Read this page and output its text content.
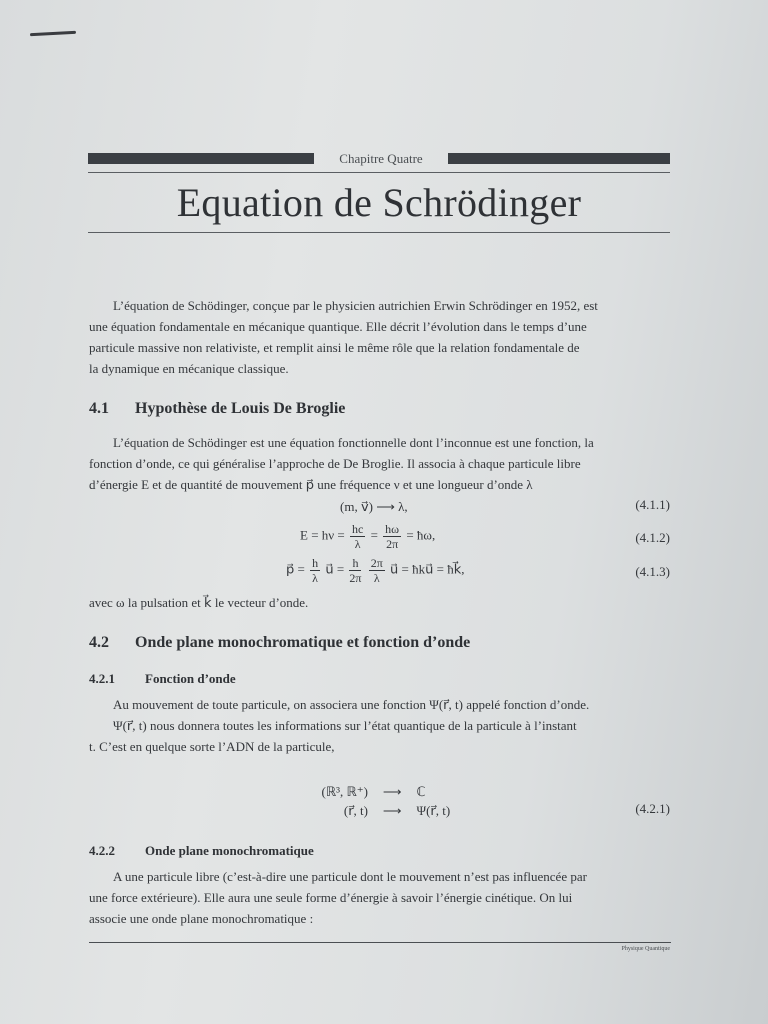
Chapitre Quatre
Equation de Schrödinger
L’équation de Schödinger, conçue par le physicien autrichien Erwin Schrödinger en 1952, est
une équation fondamentale en mécanique quantique. Elle décrit l’évolution dans le temps d’une
particule massive non relativiste, et remplit ainsi le même rôle que la relation fondamentale de
la dynamique en mécanique classique.
4.1 Hypothèse de Louis De Broglie
L’équation de Schödinger est une équation fonctionnelle dont l’inconnue est une fonction, la
fonction d’onde, ce qui généralise l’approche de De Broglie. Il associa à chaque particule libre
d’énergie E et de quantité de mouvement p⃗ une fréquence ν et une longueur d’onde λ
(m, v⃗) ⟶ λ,	(4.1.1)
$E = h\nu = \frac{hc}{\lambda} = \frac{h\omega}{2\pi}$ = ħω,	(4.1.2)
p⃗ = $\frac{h}{\lambda}$ u⃗ = $\frac{h}{2\pi}$
$\frac{2\pi}{\lambda}$ u⃗ = ħku⃗ = ħk⃗,	(4.1.3)
avec ω la pulsation et k⃗ le vecteur d’onde.
4.2 Onde plane monochromatique et fonction d’onde
4.2.1 Fonction d’onde
Au mouvement de toute particule, on associera une fonction Ψ(r⃗, t) appelé fonction d’onde.
Ψ(r⃗, t) nous donnera toutes les informations sur l’état quantique de la particule à l’instant
t. C’est en quelque sorte l’ADN de la particule,
(ℝ³, ℝ⁺) ⟶ ℂ
(r⃗, t) ⟶ Ψ(r⃗, t)	(4.2.1)
4.2.2 Onde plane monochromatique
A une particule libre (c’est-à-dire une particule dont le mouvement n’est pas influencée par
une force extérieure). Elle aura une seule forme d’énergie à savoir l’énergie cinétique. On lui
associe une onde plane monochromatique :
Physique Quantique
